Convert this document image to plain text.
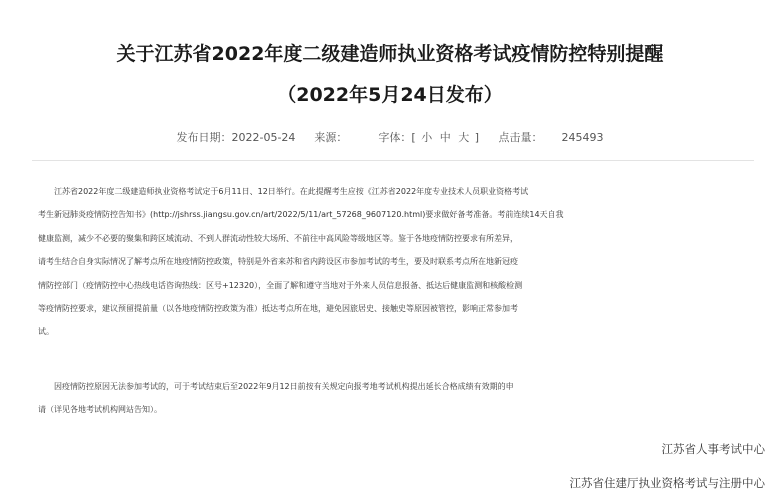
关于江苏省2022年度二级建造师执业资格考试疫情防控特别提醒
（2022年5月24日发布）
发布日期：2022-05-24 来源：	字体：[ 小 中 大 ] 点击量： 245493
　　江苏省2022年度二级建造师执业资格考试定于6月11日、12日举行。在此提醒考生应按《江苏省2022年度专业技术人员职业资格考试
考生新冠肺炎疫情防控告知书》(http://jshrss.jiangsu.gov.cn/art/2022/5/11/art_57268_9607120.html)要求做好备考准备。考前连续14天自我
健康监测，减少不必要的聚集和跨区域流动、不到人群流动性较大场所、不前往中高风险等级地区等。鉴于各地疫情防控要求有所差异，
请考生结合自身实际情况了解考点所在地疫情防控政策，特别是外省来苏和省内跨设区市参加考试的考生，要及时联系考点所在地新冠疫
情防控部门（疫情防控中心热线电话咨询热线：区号+12320），全面了解和遵守当地对于外来人员信息报备、抵达后健康监测和核酸检测
等疫情防控要求，建议预留提前量（以各地疫情防控政策为准）抵达考点所在地，避免因旅居史、接触史等原因被管控，影响正常参加考
试。
　　因疫情防控原因无法参加考试的，可于考试结束后至2022年9月12日前按有关规定向报考地考试机构提出延长合格成绩有效期的申
请（详见各地考试机构网站告知）。
江苏省人事考试中心
江苏省住建厅执业资格考试与注册中心
